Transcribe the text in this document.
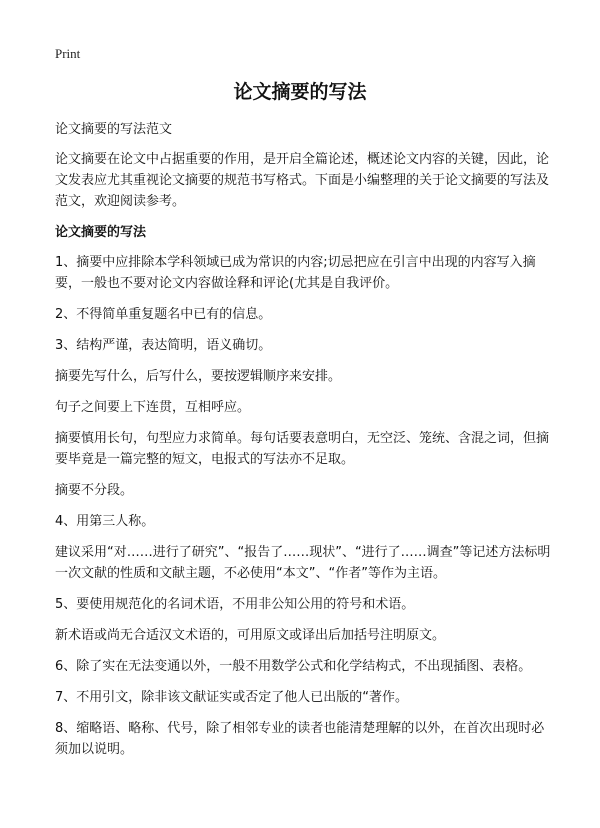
Print
论文摘要的写法

论文摘要的写法范文

论文摘要在论文中占据重要的作用，是开启全篇论述，概述论文内容的关键，因此，论文发表应尤其重视论文摘要的规范书写格式。下面是小编整理的关于论文摘要的写法及范文，欢迎阅读参考。

论文摘要的写法

1、摘要中应排除本学科领域已成为常识的内容;切忌把应在引言中出现的内容写入摘要，一般也不要对论文内容做诠释和评论(尤其是自我评价。

2、不得简单重复题名中已有的信息。

3、结构严谨，表达简明，语义确切。

摘要先写什么，后写什么，要按逻辑顺序来安排。

句子之间要上下连贯，互相呼应。

摘要慎用长句，句型应力求简单。每句话要表意明白，无空泛、笼统、含混之词，但摘要毕竟是一篇完整的短文，电报式的写法亦不足取。

摘要不分段。

4、用第三人称。

建议采用“对……进行了研究”、“报告了……现状”、“进行了……调查”等记述方法标明一次文献的性质和文献主题，不必使用“本文”、“作者”等作为主语。

5、要使用规范化的名词术语，不用非公知公用的符号和术语。

新术语或尚无合适汉文术语的，可用原文或译出后加括号注明原文。

6、除了实在无法变通以外，一般不用数学公式和化学结构式，不出现插图、表格。

7、不用引文，除非该文献证实或否定了他人已出版的“著作。

8、缩略语、略称、代号，除了相邻专业的读者也能清楚理解的以外，在首次出现时必须加以说明。
